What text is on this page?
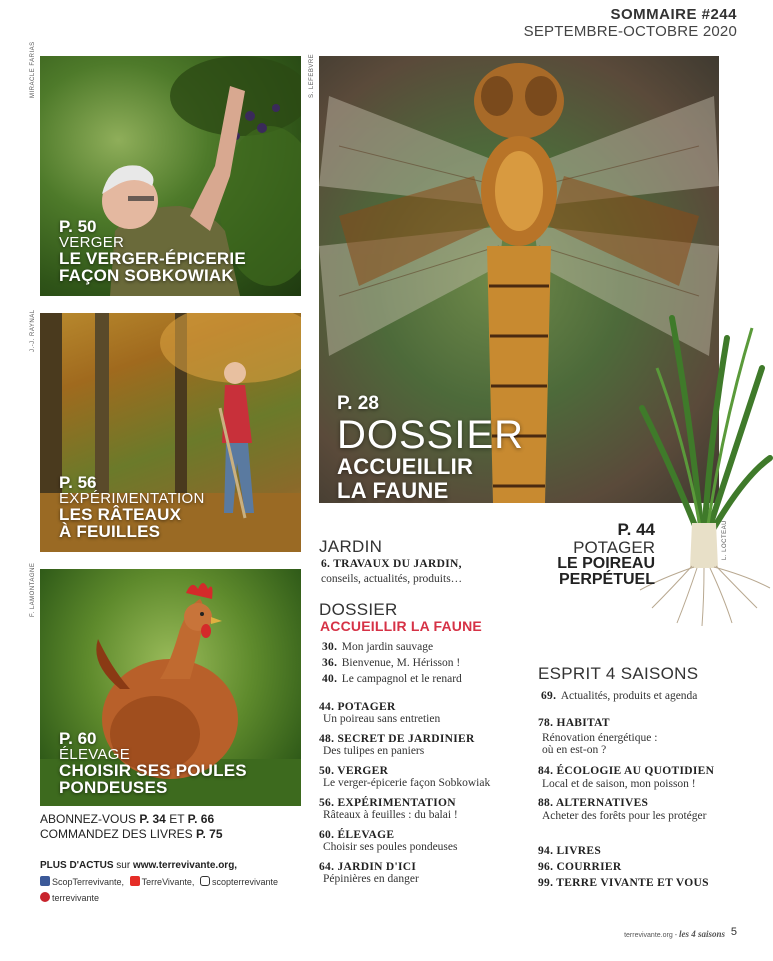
SOMMAIRE #244
SEPTEMBRE-OCTOBRE 2020
MIRACLE FARIAS
P. 50
VERGER
LE VERGER-ÉPICERIE
FAÇON SOBKOWIAK
J.-J. RAYNAL
P. 56
EXPÉRIMENTATION
LES RÂTEAUX
À FEUILLES
F. LAMONTAGNE
P. 60
ÉLEVAGE
CHOISIR SES POULES
PONDEUSES
S. LEFEBVRE
P. 28
DOSSIER
ACCUEILLIR
LA FAUNE
L. LOCTEAU
P. 44
POTAGER
LE POIREAU
PERPÉTUEL
JARDIN
6. TRAVAUX DU JARDIN,
conseils, actualités, produits…
DOSSIER
ACCUEILLIR LA FAUNE
30. Mon jardin sauvage
36. Bienvenue, M. Hérisson !
40. Le campagnol et le renard
44. POTAGER
Un poireau sans entretien
48. SECRET DE JARDINIER
Des tulipes en paniers
50. VERGER
Le verger-épicerie façon Sobkowiak
56. EXPÉRIMENTATION
Râteaux à feuilles : du balai !
60. ÉLEVAGE
Choisir ses poules pondeuses
64. JARDIN D'ICI
Pépinières en danger
ESPRIT 4 SAISONS
69. Actualités, produits et agenda
78. HABITAT
Rénovation énergétique :
où en est-on ?
84. ÉCOLOGIE AU QUOTIDIEN
Local et de saison, mon poisson !
88. ALTERNATIVES
Acheter des forêts pour les protéger
94. LIVRES
96. COURRIER
99. TERRE VIVANTE ET VOUS
ABONNEZ-VOUS P. 34 ET P. 66
COMMANDEZ DES LIVRES P. 75
PLUS D'ACTUS sur www.terrevivante.org,
ScopTerrevivante, TerreVivante, scopterrevivante
terrevivante
terrevivante.org - les 4 saisons 5
